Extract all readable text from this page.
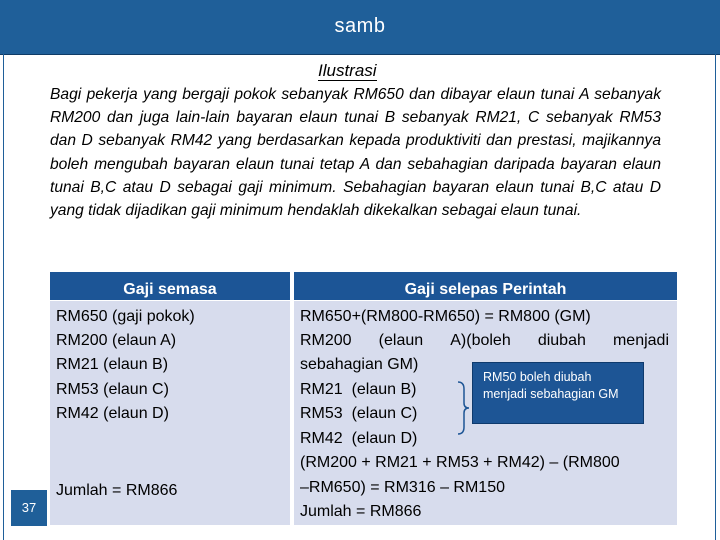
samb
Ilustrasi
Bagi pekerja yang bergaji pokok sebanyak RM650 dan dibayar elaun tunai A sebanyak RM200 dan juga lain-lain bayaran elaun tunai B sebanyak RM21, C sebanyak RM53 dan D sebanyak RM42 yang berdasarkan kepada produktiviti dan prestasi, majikannya boleh mengubah bayaran elaun tunai tetap A dan sebahagian daripada bayaran elaun tunai B,C atau D sebagai gaji minimum. Sebahagian bayaran elaun tunai B,C atau D yang tidak dijadikan gaji minimum hendaklah dikekalkan sebagai elaun tunai.
Gaji semasa	Gaji selepas Perintah
RM650 (gaji pokok)
RM200 (elaun A)
RM21 (elaun B)
RM53 (elaun C)
RM42 (elaun D)
Jumlah = RM866
RM650+(RM800-RM650) = RM800 (GM)
RM200 (elaun A)(boleh diubah menjadi
sebahagian GM)
RM21  (elaun B)
RM53  (elaun C)
RM42  (elaun D)
(RM200 + RM21 + RM53 + RM42) – (RM800
–RM650) = RM316 – RM150
Jumlah = RM866
RM50 boleh diubah menjadi sebahagian GM
37
